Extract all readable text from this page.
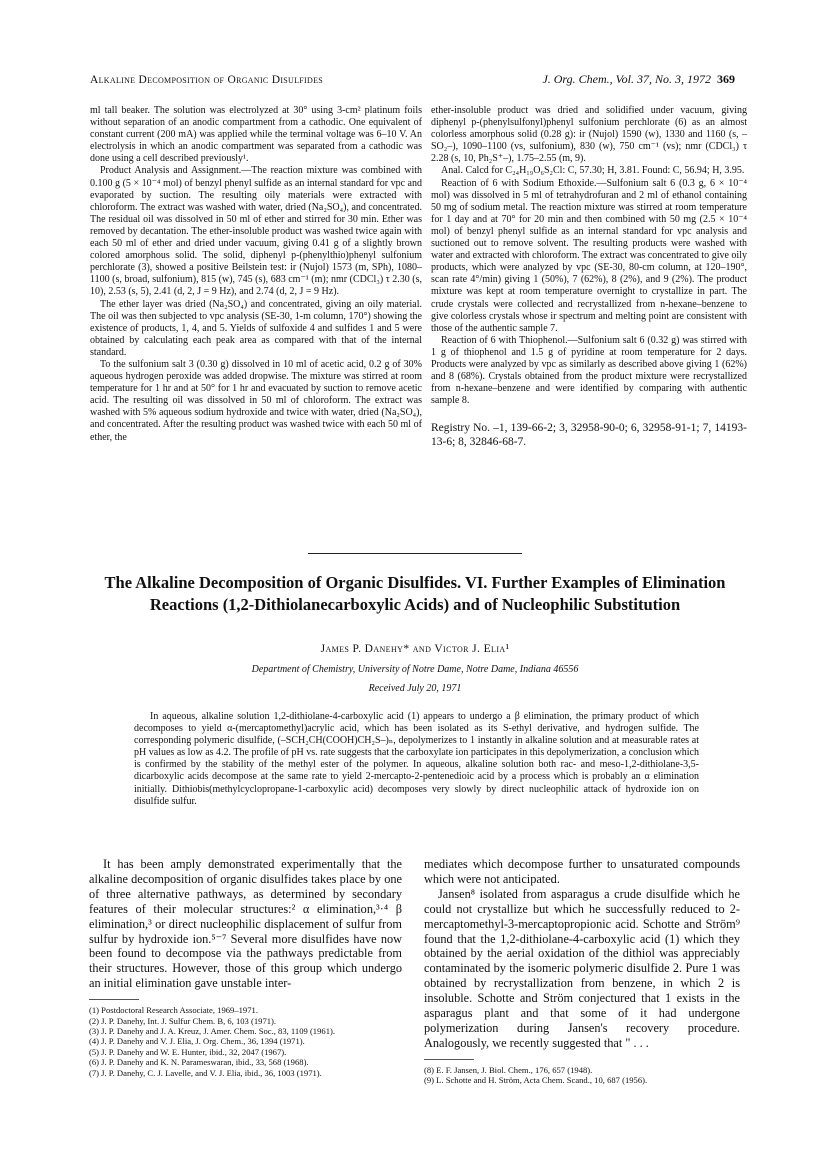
Alkaline Decomposition of Organic Disulfides	J. Org. Chem., Vol. 37, No. 3, 1972 369

ml tall beaker. The solution was electrolyzed at 30° using 3-cm² platinum foils without separation of an anodic compartment from a cathodic. One equivalent of constant current (200 mA) was applied while the terminal voltage was 6–10 V. An electrolysis in which an anodic compartment was separated from a cathodic was done using a cell described previously¹.

Product Analysis and Assignment.—The reaction mixture was combined with 0.100 g (5 × 10⁻⁴ mol) of benzyl phenyl sulfide as an internal standard for vpc and evaporated by suction. The resulting oily materials were extracted with chloroform. The extract was washed with water, dried (Na₂SO₄), and concentrated. The residual oil was dissolved in 50 ml of ether and stirred for 30 min. Ether was removed by decantation. The ether-insoluble product was washed twice again with each 50 ml of ether and dried under vacuum, giving 0.41 g of a slightly brown colored amorphous solid. The solid, diphenyl p-(phenylthio)phenyl sulfonium perchlorate (3), showed a positive Beilstein test: ir (Nujol) 1573 (m, SPh), 1080–1100 (s, broad, sulfonium), 815 (w), 745 (s), 683 cm⁻¹ (m); nmr (CDCl₃) τ 2.30 (s, 10), 2.53 (s, 5), 2.41 (d, 2, J = 9 Hz), and 2.74 (d, 2, J = 9 Hz).

The ether layer was dried (Na₂SO₄) and concentrated, giving an oily material. The oil was then subjected to vpc analysis (SE-30, 1-m column, 170°) showing the existence of products, 1, 4, and 5. Yields of sulfoxide 4 and sulfides 1 and 5 were obtained by calculating each peak area as compared with that of the internal standard.

To the sulfonium salt 3 (0.30 g) dissolved in 10 ml of acetic acid, 0.2 g of 30% aqueous hydrogen peroxide was added dropwise. The mixture was stirred at room temperature for 1 hr and at 50° for 1 hr and evacuated by suction to remove acetic acid. The resulting oil was dissolved in 50 ml of chloroform. The extract was washed with 5% aqueous sodium hydroxide and twice with water, dried (Na₂SO₄), and concentrated. After the resulting product was washed twice with each 50 ml of ether, the

ether-insoluble product was dried and solidified under vacuum, giving diphenyl p-(phenylsulfonyl)phenyl sulfonium perchlorate (6) as an almost colorless amorphous solid (0.28 g): ir (Nujol) 1590 (w), 1330 and 1160 (s, –SO₂–), 1090–1100 (vs, sulfonium), 830 (w), 750 cm⁻¹ (vs); nmr (CDCl₃) τ 2.28 (s, 10, Ph₂S⁺–), 1.75–2.55 (m, 9).

Anal. Calcd for C₂₄H₁₉O₆S₂Cl: C, 57.30; H, 3.81. Found: C, 56.94; H, 3.95.

Reaction of 6 with Sodium Ethoxide.—Sulfonium salt 6 (0.3 g, 6 × 10⁻⁴ mol) was dissolved in 5 ml of tetrahydrofuran and 2 ml of ethanol containing 50 mg of sodium metal. The reaction mixture was stirred at room temperature for 1 day and at 70° for 20 min and then combined with 50 mg (2.5 × 10⁻⁴ mol) of benzyl phenyl sulfide as an internal standard for vpc analysis and suctioned out to remove solvent. The resulting products were washed with water and extracted with chloroform. The extract was concentrated to give oily products, which were analyzed by vpc (SE-30, 80-cm column, at 120–190°, scan rate 4°/min) giving 1 (50%), 7 (62%), 8 (2%), and 9 (2%). The product mixture was kept at room temperature overnight to crystallize in part. The crude crystals were collected and recrystallized from n-hexane–benzene to give colorless crystals whose ir spectrum and melting point are consistent with those of the authentic sample 7.

Reaction of 6 with Thiophenol.—Sulfonium salt 6 (0.32 g) was stirred with 1 g of thiophenol and 1.5 g of pyridine at room temperature for 2 days. Products were analyzed by vpc as similarly as described above giving 1 (62%) and 8 (68%). Crystals obtained from the product mixture were recrystallized from n-hexane–benzene and were identified by comparing with authentic sample 8.

Registry No. –1, 139-66-2; 3, 32958-90-0; 6, 32958-91-1; 7, 14193-13-6; 8, 32846-68-7.

The Alkaline Decomposition of Organic Disulfides. VI. Further Examples of Elimination Reactions (1,2-Dithiolanecarboxylic Acids) and of Nucleophilic Substitution
James P. Danehy* and Victor J. Elia¹
Department of Chemistry, University of Notre Dame, Notre Dame, Indiana 46556
Received July 20, 1971

In aqueous, alkaline solution 1,2-dithiolane-4-carboxylic acid (1) appears to undergo a β elimination, the primary product of which decomposes to yield α-(mercaptomethyl)acrylic acid, which has been isolated as its S-ethyl derivative, and hydrogen sulfide. The corresponding polymeric disulfide, (–SCH₂CH(COOH)CH₂S–)ₙ, depolymerizes to 1 instantly in alkaline solution and at measurable rates at pH values as low as 4.2. The profile of pH vs. rate suggests that the carboxylate ion participates in this depolymerization, a conclusion which is confirmed by the stability of the methyl ester of the polymer. In aqueous, alkaline solution both rac- and meso-1,2-dithiolane-3,5-dicarboxylic acids decompose at the same rate to yield 2-mercapto-2-pentenedioic acid by a process which is probably an α elimination initially. Dithiobis(methylcyclopropane-1-carboxylic acid) decomposes very slowly by direct nucleophilic attack of hydroxide ion on disulfide sulfur.

It has been amply demonstrated experimentally that the alkaline decomposition of organic disulfides takes place by one of three alternative pathways, as determined by secondary features of their molecular structures:² α elimination,³·⁴ β elimination,³ or direct nucleophilic displacement of sulfur from sulfur by hydroxide ion.⁵⁻⁷ Several more disulfides have now been found to decompose via the pathways predictable from their structures. However, those of this group which undergo an initial elimination gave unstable inter-

(1) Postdoctoral Research Associate, 1969–1971.
(2) J. P. Danehy, Int. J. Sulfur Chem. B, 6, 103 (1971).
(3) J. P. Danehy and J. A. Kreuz, J. Amer. Chem. Soc., 83, 1109 (1961).
(4) J. P. Danehy and V. J. Elia, J. Org. Chem., 36, 1394 (1971).
(5) J. P. Danehy and W. E. Hunter, ibid., 32, 2047 (1967).
(6) J. P. Danehy and K. N. Parameswaran, ibid., 33, 568 (1968).
(7) J. P. Danehy, C. J. Lavelle, and V. J. Elia, ibid., 36, 1003 (1971).

mediates which decompose further to unsaturated compounds which were not anticipated.

Jansen⁸ isolated from asparagus a crude disulfide which he could not crystallize but which he successfully reduced to 2-mercaptomethyl-3-mercaptopropionic acid. Schotte and Ström⁹ found that the 1,2-dithiolane-4-carboxylic acid (1) which they obtained by the aerial oxidation of the dithiol was appreciably contaminated by the isomeric polymeric disulfide 2. Pure 1 was obtained by recrystallization from benzene, in which 2 is insoluble. Schotte and Ström conjectured that 1 exists in the asparagus plant and that some of it had undergone polymerization during Jansen's recovery procedure. Analogously, we recently suggested that " . . .

(8) E. F. Jansen, J. Biol. Chem., 176, 657 (1948).
(9) L. Schotte and H. Ström, Acta Chem. Scand., 10, 687 (1956).
